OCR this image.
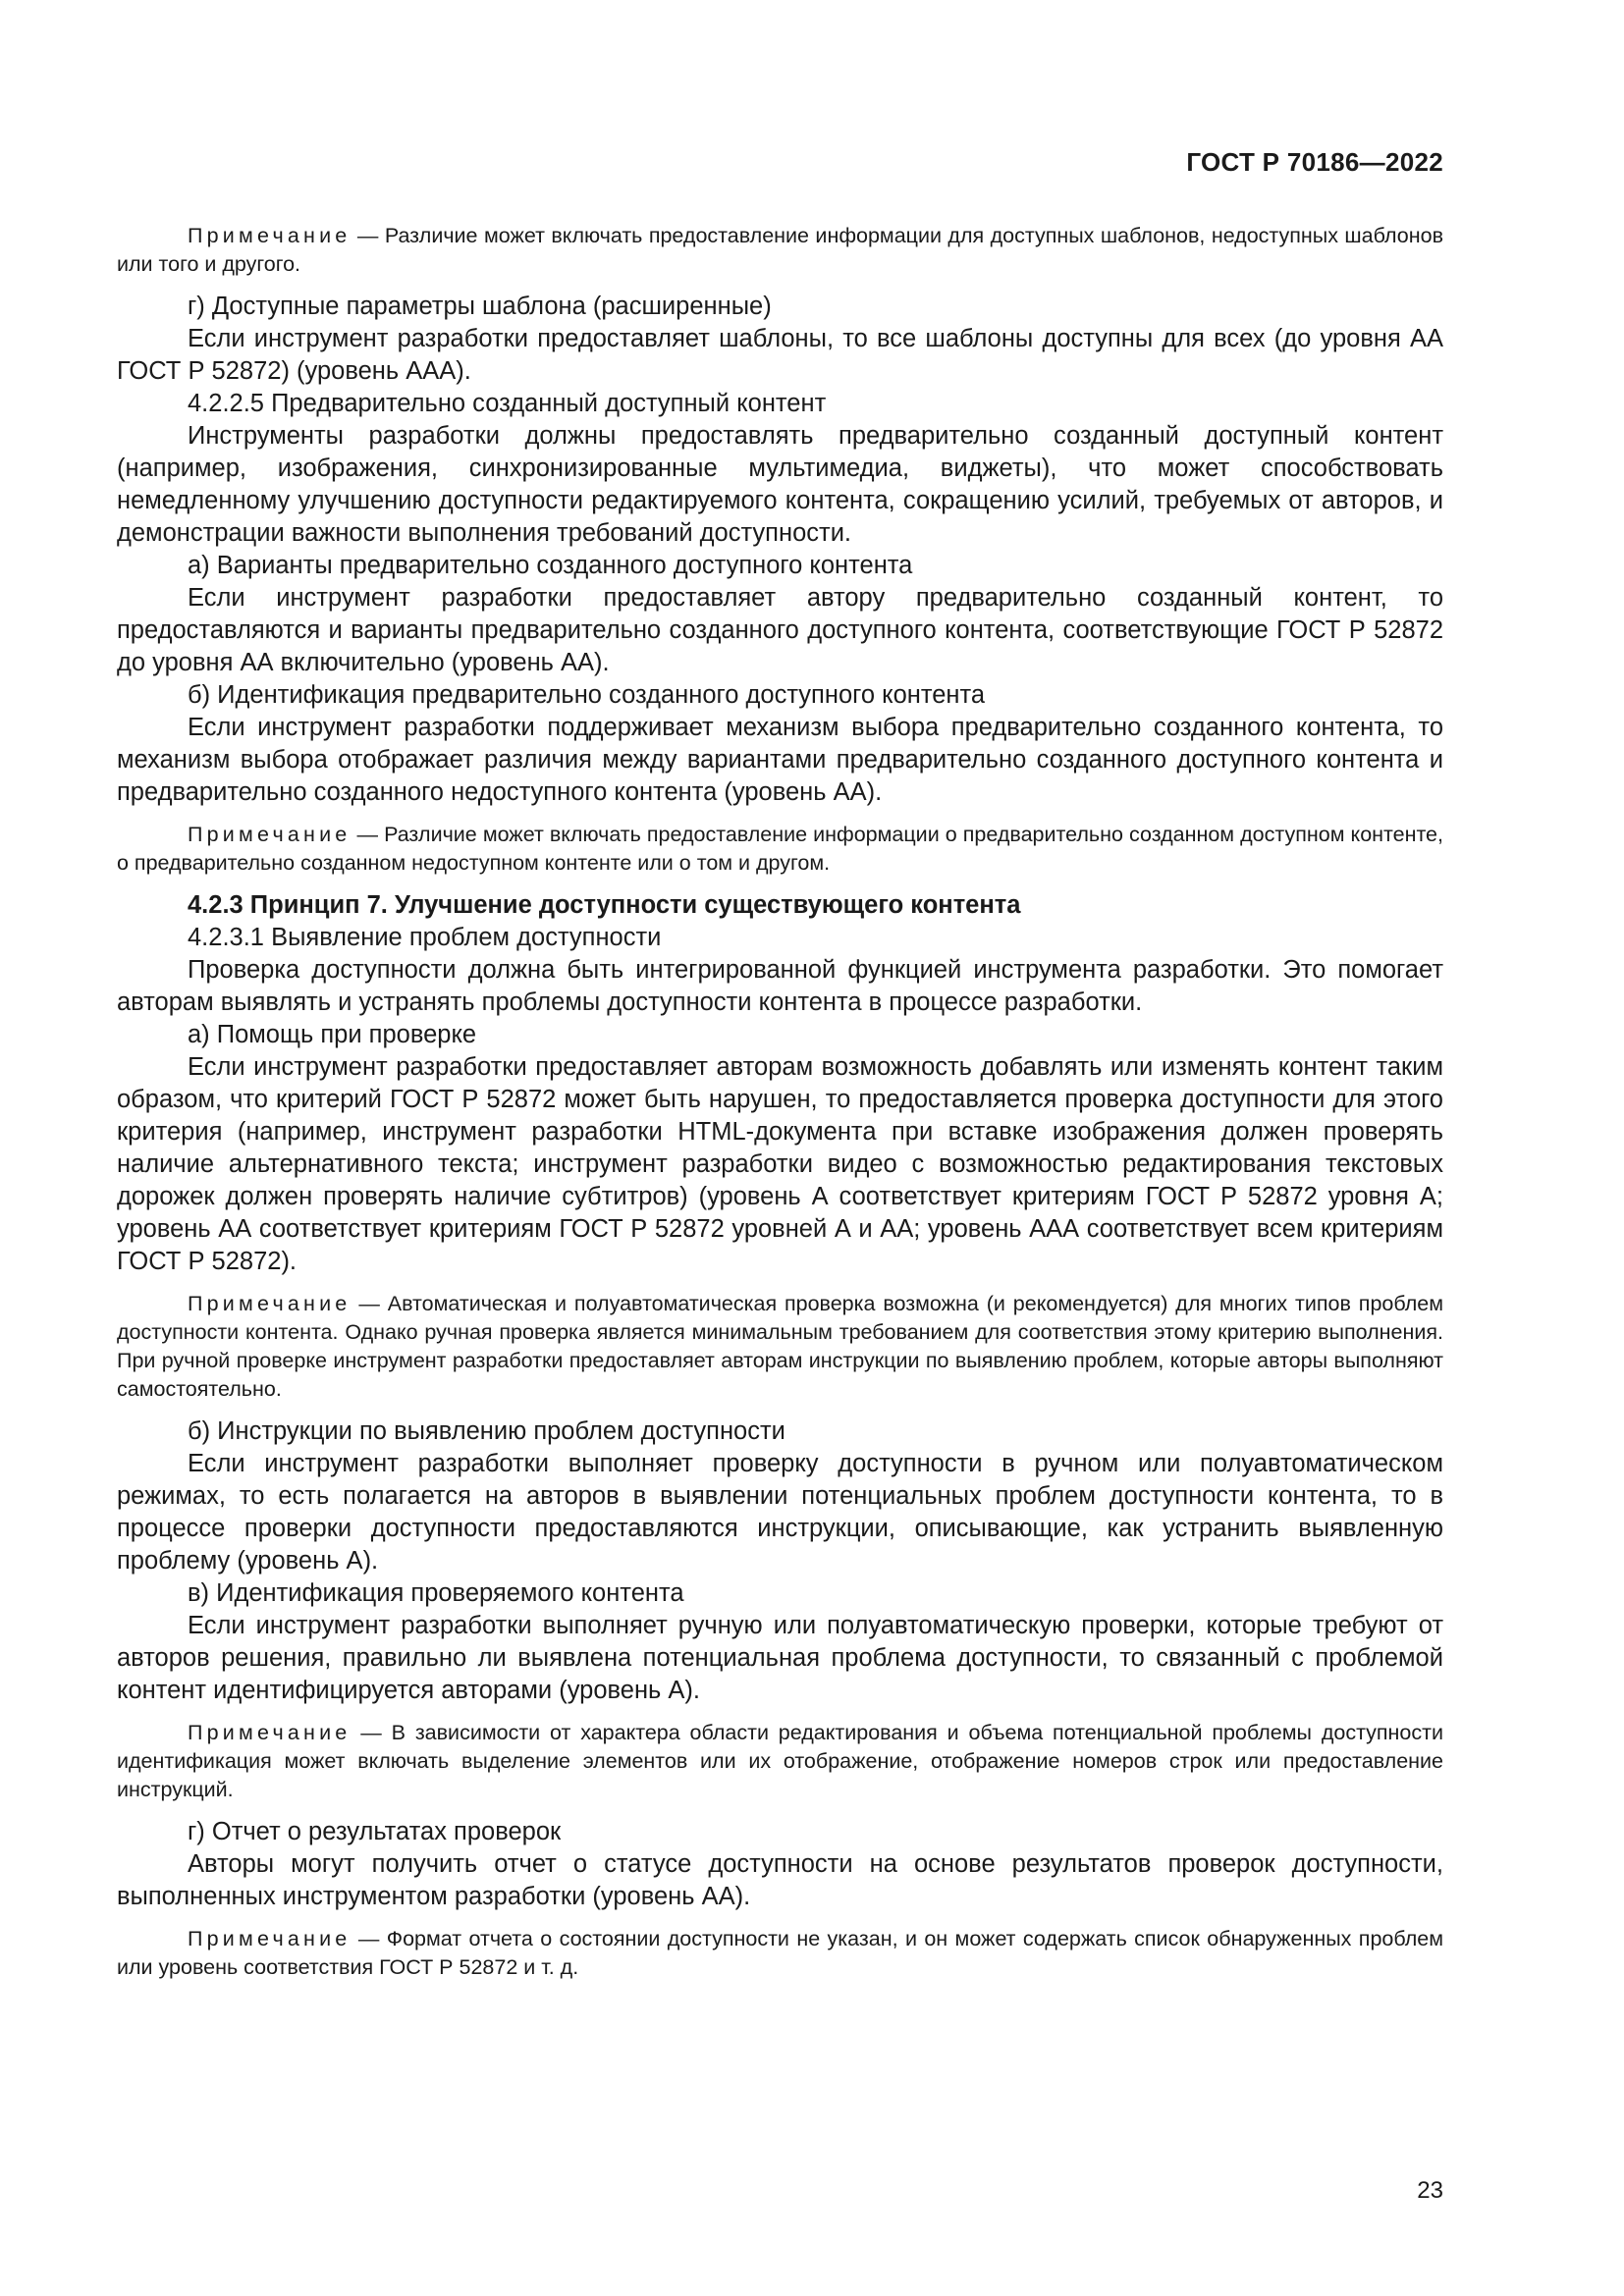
ГОСТ Р 70186—2022

Примечание — Различие может включать предоставление информации для доступных шаблонов, недоступных шаблонов или того и другого.

г) Доступные параметры шаблона (расширенные)

Если инструмент разработки предоставляет шаблоны, то все шаблоны доступны для всех (до уровня АА ГОСТ Р 52872) (уровень ААА).

4.2.2.5 Предварительно созданный доступный контент

Инструменты разработки должны предоставлять предварительно созданный доступный контент (например, изображения, синхронизированные мультимедиа, виджеты), что может способствовать немедленному улучшению доступности редактируемого контента, сокращению усилий, требуемых от авторов, и демонстрации важности выполнения требований доступности.

а) Варианты предварительно созданного доступного контента

Если инструмент разработки предоставляет автору предварительно созданный контент, то предоставляются и варианты предварительно созданного доступного контента, соответствующие ГОСТ Р 52872 до уровня АА включительно (уровень АА).

б) Идентификация предварительно созданного доступного контента

Если инструмент разработки поддерживает механизм выбора предварительно созданного контента, то механизм выбора отображает различия между вариантами предварительно созданного доступного контента и предварительно созданного недоступного контента (уровень АА).

Примечание — Различие может включать предоставление информации о предварительно созданном доступном контенте, о предварительно созданном недоступном контенте или о том и другом.

4.2.3 Принцип 7. Улучшение доступности существующего контента

4.2.3.1 Выявление проблем доступности

Проверка доступности должна быть интегрированной функцией инструмента разработки. Это помогает авторам выявлять и устранять проблемы доступности контента в процессе разработки.

а) Помощь при проверке

Если инструмент разработки предоставляет авторам возможность добавлять или изменять контент таким образом, что критерий ГОСТ Р 52872 может быть нарушен, то предоставляется проверка доступности для этого критерия (например, инструмент разработки HTML-документа при вставке изображения должен проверять наличие альтернативного текста; инструмент разработки видео с возможностью редактирования текстовых дорожек должен проверять наличие субтитров) (уровень А соответствует критериям ГОСТ Р 52872 уровня А; уровень АА соответствует критериям ГОСТ Р 52872 уровней А и АА; уровень ААА соответствует всем критериям ГОСТ Р 52872).

Примечание — Автоматическая и полуавтоматическая проверка возможна (и рекомендуется) для многих типов проблем доступности контента. Однако ручная проверка является минимальным требованием для соответствия этому критерию выполнения. При ручной проверке инструмент разработки предоставляет авторам инструкции по выявлению проблем, которые авторы выполняют самостоятельно.

б) Инструкции по выявлению проблем доступности

Если инструмент разработки выполняет проверку доступности в ручном или полуавтоматическом режимах, то есть полагается на авторов в выявлении потенциальных проблем доступности контента, то в процессе проверки доступности предоставляются инструкции, описывающие, как устранить выявленную проблему (уровень А).

в) Идентификация проверяемого контента

Если инструмент разработки выполняет ручную или полуавтоматическую проверки, которые требуют от авторов решения, правильно ли выявлена потенциальная проблема доступности, то связанный с проблемой контент идентифицируется авторами (уровень А).

Примечание — В зависимости от характера области редактирования и объема потенциальной проблемы доступности идентификация может включать выделение элементов или их отображение, отображение номеров строк или предоставление инструкций.

г) Отчет о результатах проверок

Авторы могут получить отчет о статусе доступности на основе результатов проверок доступности, выполненных инструментом разработки (уровень АА).

Примечание — Формат отчета о состоянии доступности не указан, и он может содержать список обнаруженных проблем или уровень соответствия ГОСТ Р 52872 и т. д.

23
